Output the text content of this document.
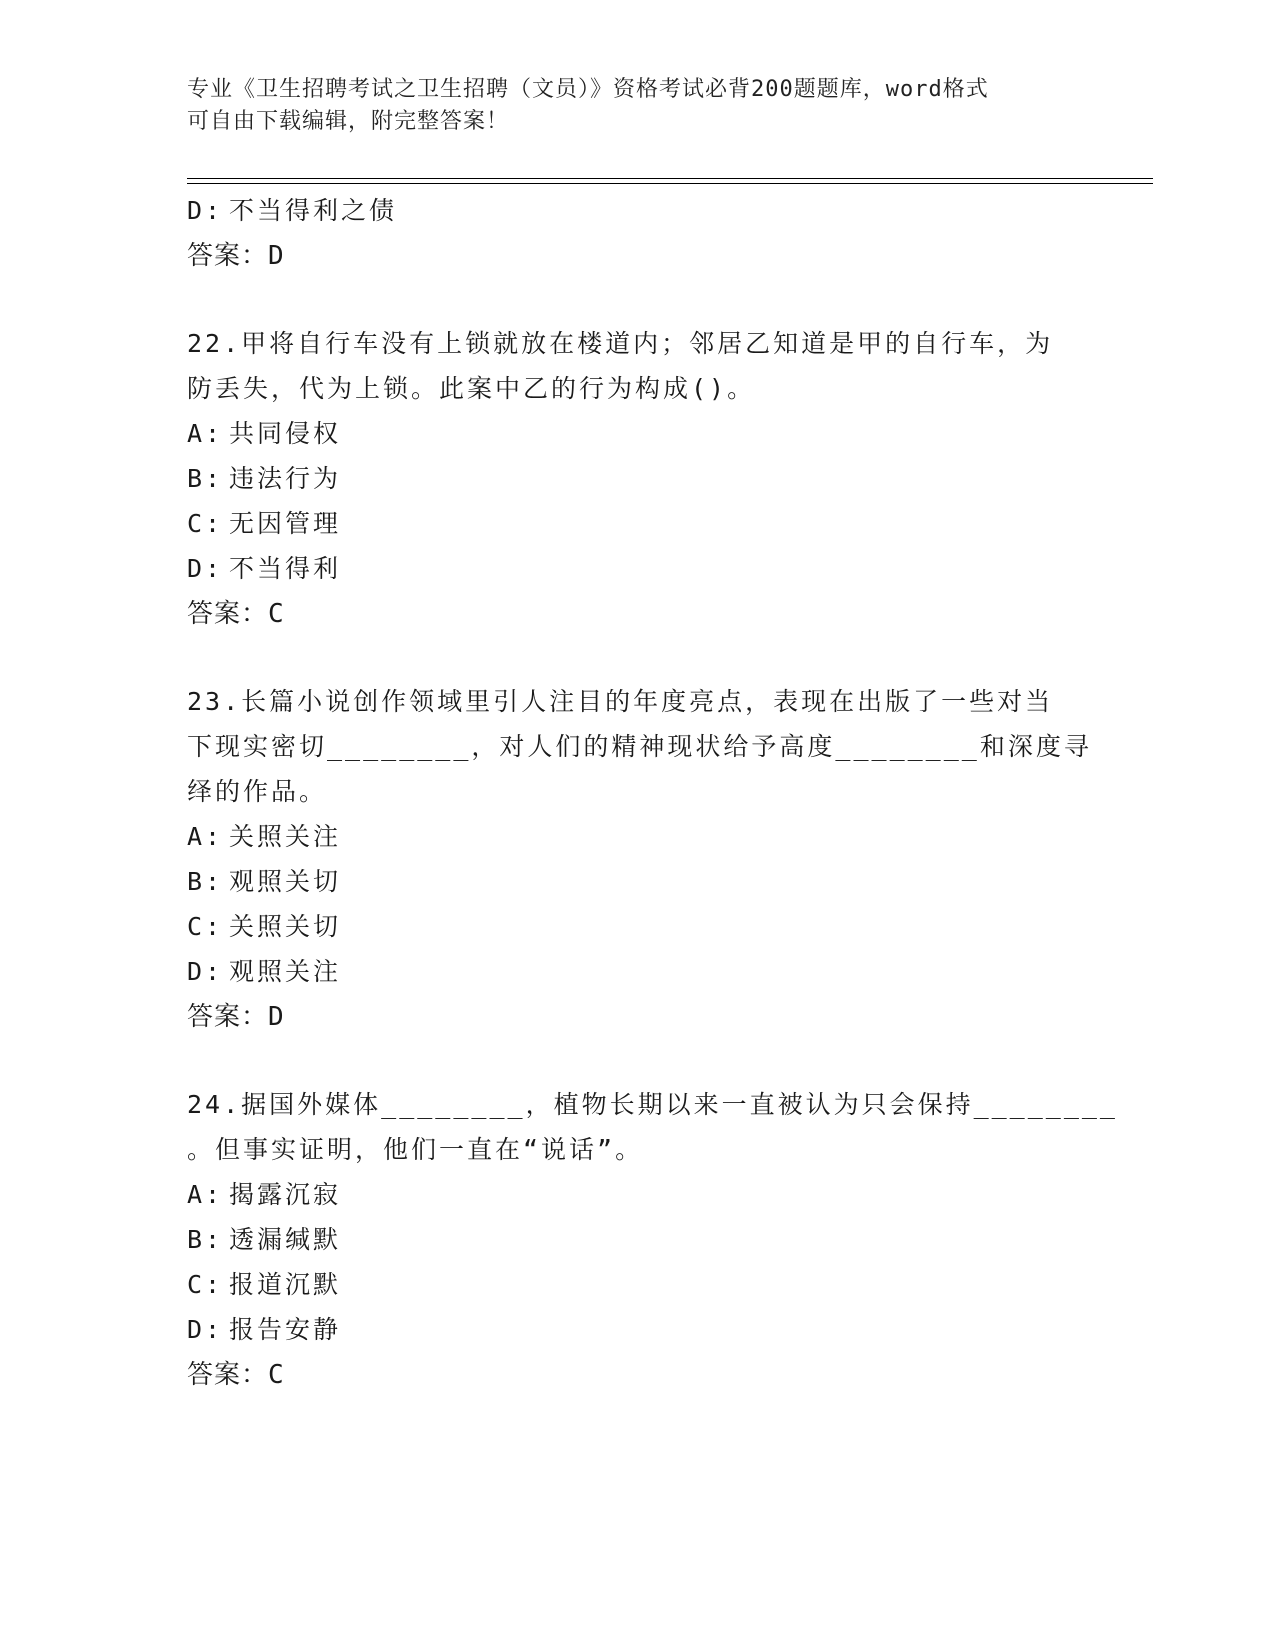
专业《卫生招聘考试之卫生招聘（文员）》资格考试必背200题题库，word格式
可自由下载编辑，附完整答案！
D: 不当得利之债
答案：D
22.甲将自行车没有上锁就放在楼道内；邻居乙知道是甲的自行车，为
防丢失，代为上锁。此案中乙的行为构成()。
A: 共同侵权
B: 违法行为
C: 无因管理
D: 不当得利
答案：C
23.长篇小说创作领域里引人注目的年度亮点，表现在出版了一些对当
下现实密切________，对人们的精神现状给予高度________和深度寻
绎的作品。
A: 关照关注
B: 观照关切
C: 关照关切
D: 观照关注
答案：D
24.据国外媒体________，植物长期以来一直被认为只会保持________
。但事实证明，他们一直在“说话”。
A: 揭露沉寂
B: 透漏缄默
C: 报道沉默
D: 报告安静
答案：C
